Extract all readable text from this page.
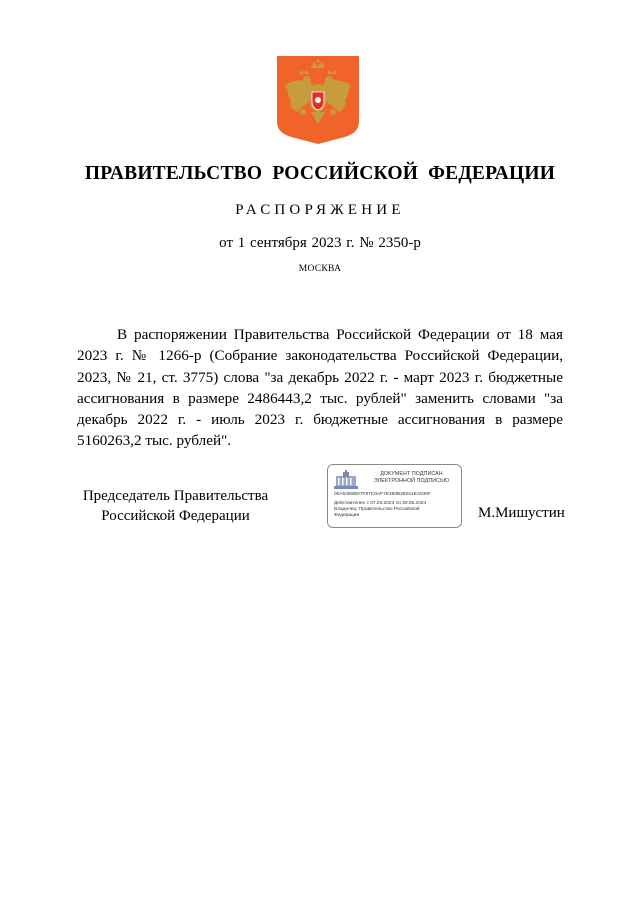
ПРАВИТЕЛЬСТВО РОССИЙСКОЙ ФЕДЕРАЦИИ
РАСПОРЯЖЕНИЕ
от 1 сентября 2023 г. № 2350-р
МОСКВА

В распоряжении Правительства Российской Федерации от 18 мая 2023 г. № 1266-р (Собрание законодательства Российской Федерации, 2023, № 21, ст. 3775) слова "за декабрь 2022 г. - март 2023 г. бюджетные ассигнования в размере 2486443,2 тыс. рублей" заменить словами "за декабрь 2022 г. - июль 2023 г. бюджетные ассигнования в размере 5160263,2 тыс. рублей".

Председатель Правительства
Российской Федерации
ДОКУМЕНТ ПОДПИСАН
ЭЛЕКТРОННОЙ ПОДПИСЬЮ
00A5490BD7F87C0AF7E390B2E811EA030F
Действителен с 07.03.2023 по 30.05.2024
Владелец: Правительство Российской
Федерации	М.Мишустин
